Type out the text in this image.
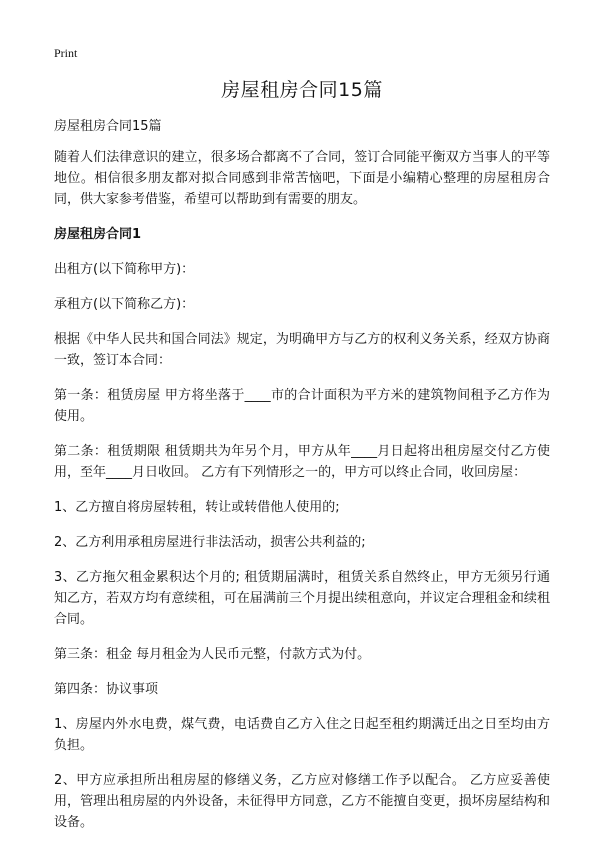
Print
房屋租房合同15篇

房屋租房合同15篇

随着人们法律意识的建立，很多场合都离不了合同，签订合同能平衡双方当事人的平等地位。相信很多朋友都对拟合同感到非常苦恼吧，下面是小编精心整理的房屋租房合同，供大家参考借鉴，希望可以帮助到有需要的朋友。

房屋租房合同1

出租方(以下简称甲方)：

承租方(以下简称乙方)：

根据《中华人民共和国合同法》规定，为明确甲方与乙方的权利义务关系，经双方协商一致，签订本合同：

第一条：租赁房屋 甲方将坐落于____市的合计面积为平方米的建筑物间租予乙方作为使用。

第二条：租赁期限 租赁期共为年另个月，甲方从年____月日起将出租房屋交付乙方使用，至年____月日收回。 乙方有下列情形之一的，甲方可以终止合同，收回房屋：

1、乙方擅自将房屋转租，转让或转借他人使用的;

2、乙方利用承租房屋进行非法活动，损害公共利益的;

3、乙方拖欠租金累积达个月的; 租赁期届满时，租赁关系自然终止，甲方无须另行通知乙方，若双方均有意续租，可在届满前三个月提出续租意向，并议定合理租金和续租合同。

第三条：租金 每月租金为人民币元整，付款方式为付。

第四条：协议事项

1、房屋内外水电费，煤气费，电话费自乙方入住之日起至租约期满迁出之日至均由方负担。

2、甲方应承担所出租房屋的修缮义务，乙方应对修缮工作予以配合。 乙方应妥善使用，管理出租房屋的内外设备，未征得甲方同意，乙方不能擅自变更，损坏房屋结构和设备。
